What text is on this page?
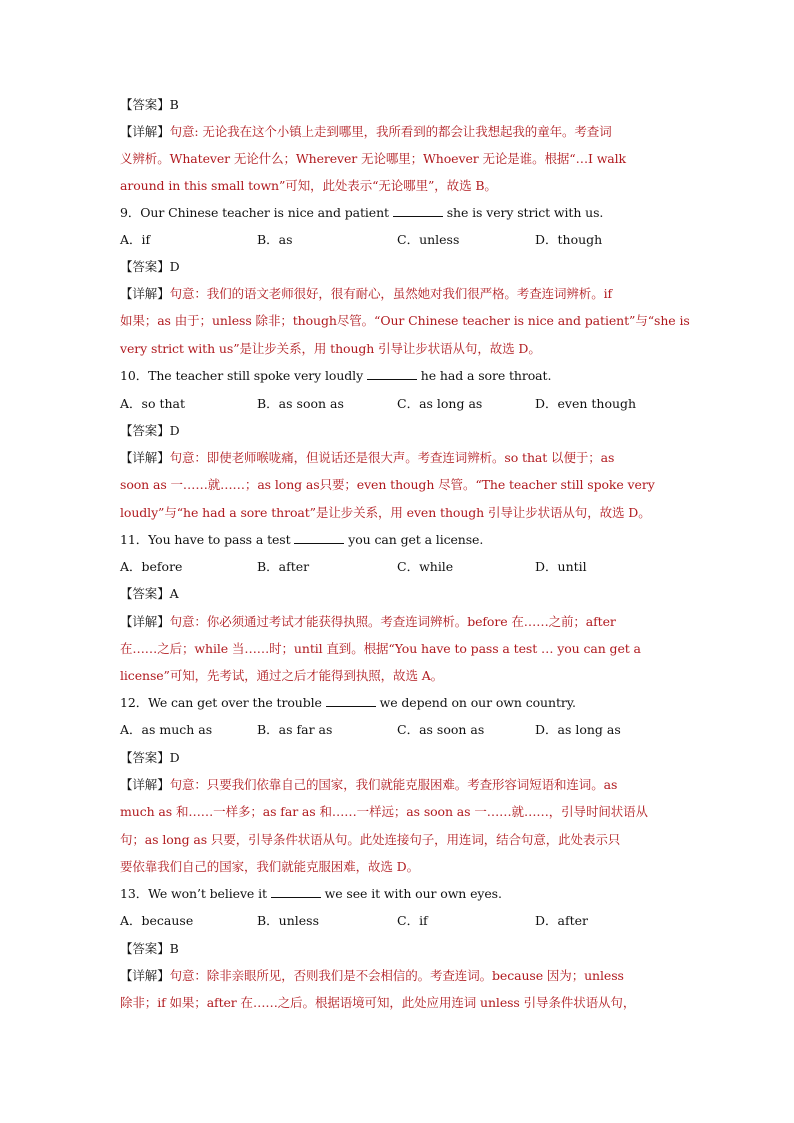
【答案】B
【详解】句意: 无论我在这个小镇上走到哪里，我所看到的都会让我想起我的童年。考查词
义辨析。Whatever 无论什么；Wherever 无论哪里；Whoever 无论是谁。根据“…I walk
around in this small town”可知，此处表示“无论哪里”，故选 B。
9．Our Chinese teacher is nice and patient	she is very strict with us.
A．if	B．as	C．unless	D．though
【答案】D
【详解】句意：我们的语文老师很好，很有耐心，虽然她对我们很严格。考查连词辨析。if
如果；as 由于；unless 除非；though尽管。“Our Chinese teacher is nice and patient”与“she is
very strict with us”是让步关系，用 though 引导让步状语从句，故选 D。
10．The teacher still spoke very loudly	he had a sore throat.
A．so that	B．as soon as	C．as long as	D．even though
【答案】D
【详解】句意：即使老师喉咙痛，但说话还是很大声。考查连词辨析。so that 以便于；as
soon as 一……就……；as long as只要；even though 尽管。“The teacher still spoke very
loudly”与“he had a sore throat”是让步关系，用 even though 引导让步状语从句，故选 D。
11．You have to pass a test	you can get a license.
A．before	B．after	C．while	D．until
【答案】A
【详解】句意：你必须通过考试才能获得执照。考查连词辨析。before 在……之前；after
在……之后；while 当……时；until 直到。根据“You have to pass a test … you can get a
license”可知，先考试，通过之后才能得到执照，故选 A。
12．We can get over the trouble	we depend on our own country.
A．as much as	B．as far as	C．as soon as	D．as long as
【答案】D
【详解】句意：只要我们依靠自己的国家，我们就能克服困难。考查形容词短语和连词。as
much as 和……一样多；as far as 和……一样远；as soon as 一……就……，引导时间状语从
句；as long as 只要，引导条件状语从句。此处连接句子，用连词，结合句意，此处表示只
要依靠我们自己的国家，我们就能克服困难，故选 D。
13．We won’t believe it	we see it with our own eyes.
A．because	B．unless	C．if	D．after
【答案】B
【详解】句意：除非亲眼所见，否则我们是不会相信的。考查连词。because 因为；unless
除非；if 如果；after 在……之后。根据语境可知，此处应用连词 unless 引导条件状语从句，
